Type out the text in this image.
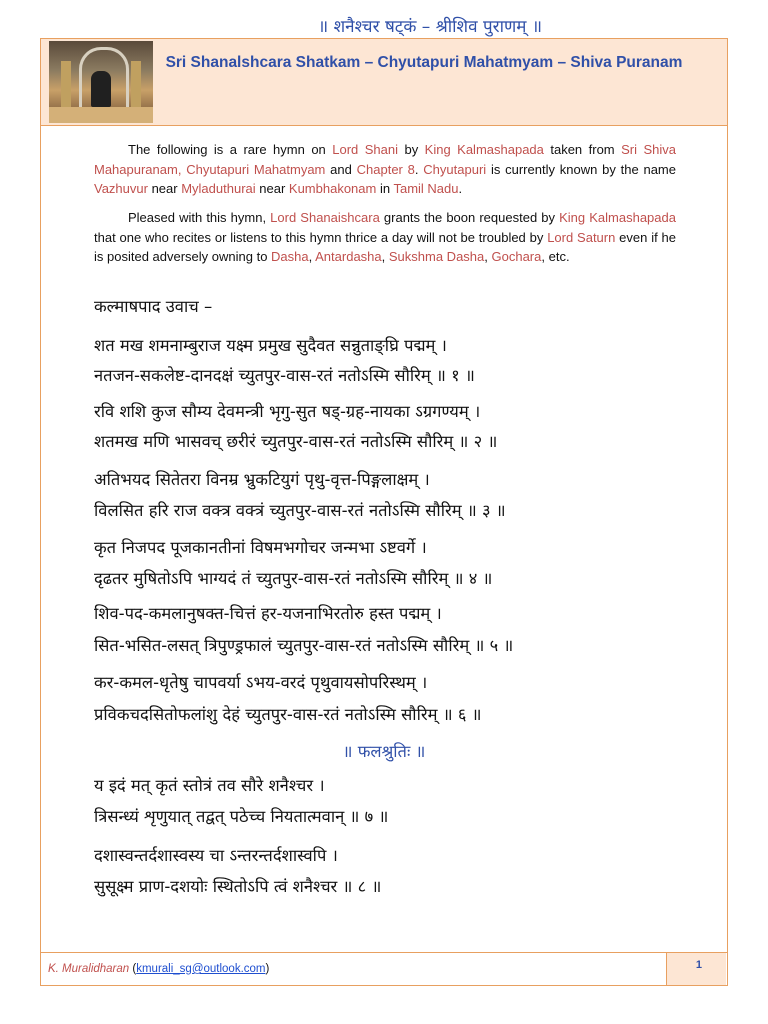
॥ शनैश्चर षट्कं – श्रीशिव पुराणम् ॥
Sri Shanalshcara Shatkam – Chyutapuri Mahatmyam – Shiva Puranam

The following is a rare hymn on Lord Shani by King Kalmashapada taken from Sri Shiva Mahapuranam, Chyutapuri Mahatmyam and Chapter 8. Chyutapuri is currently known by the name Vazhuvur near Myladuthurai near Kumbhakonam in Tamil Nadu.

Pleased with this hymn, Lord Shanaishcara grants the boon requested by King Kalmashapada that one who recites or listens to this hymn thrice a day will not be troubled by Lord Saturn even if he is posited adversely owning to Dasha, Antardasha, Sukshma Dasha, Gochara, etc.

कल्माषपाद उवाच –
शत मख शमनाम्बुराज यक्ष्म प्रमुख सुदैवत सन्नुताङ्घ्रि पद्मम् ।
नतजन-सकलेष्ट-दानदक्षं च्युतपुर-वास-रतं नतोऽस्मि सौरिम् ॥ १ ॥
रवि शशि कुज सौम्य देवमन्त्री भृगु-सुत षड्-ग्रह-नायका ऽग्रगण्यम् ।
शतमख मणि भासवच् छरीरं च्युतपुर-वास-रतं नतोऽस्मि सौरिम् ॥ २ ॥
अतिभयद सितेतरा विनम्र भ्रुकटियुगं पृथु-वृत्त-पिङ्गलाक्षम् ।
विलसित हरि राज वक्त्र वक्त्रं च्युतपुर-वास-रतं नतोऽस्मि सौरिम् ॥ ३ ॥
कृत निजपद पूजकानतीनां विषमभगोचर जन्मभा ऽष्टवर्गे ।
दृढतर मुषितोऽपि भाग्यदं तं च्युतपुर-वास-रतं नतोऽस्मि सौरिम् ॥ ४ ॥
शिव-पद-कमलानुषक्त-चित्तं हर-यजनाभिरतोरु हस्त पद्मम् ।
सित-भसित-लसत् त्रिपुण्ड्रफालं च्युतपुर-वास-रतं नतोऽस्मि सौरिम् ॥ ५ ॥
कर-कमल-धृतेषु चापवर्या ऽभय-वरदं पृथुवायसोपरिस्थम् ।
प्रविकचदसितोफलांशु देहं च्युतपुर-वास-रतं नतोऽस्मि सौरिम् ॥ ६ ॥
॥ फलश्रुतिः ॥
य इदं मत् कृतं स्तोत्रं तव सौरे शनैश्चर ।
त्रिसन्ध्यं शृणुयात् तद्वत् पठेच्च नियतात्मवान् ॥ ७ ॥
दशास्वन्तर्दशास्वस्य चा ऽन्तरन्तर्दशास्वपि ।
सुसूक्ष्म प्राण-दशयोः स्थितोऽपि त्वं शनैश्चर ॥ ८ ॥
K. Muralidharan (kmurali_sg@outlook.com)	1
